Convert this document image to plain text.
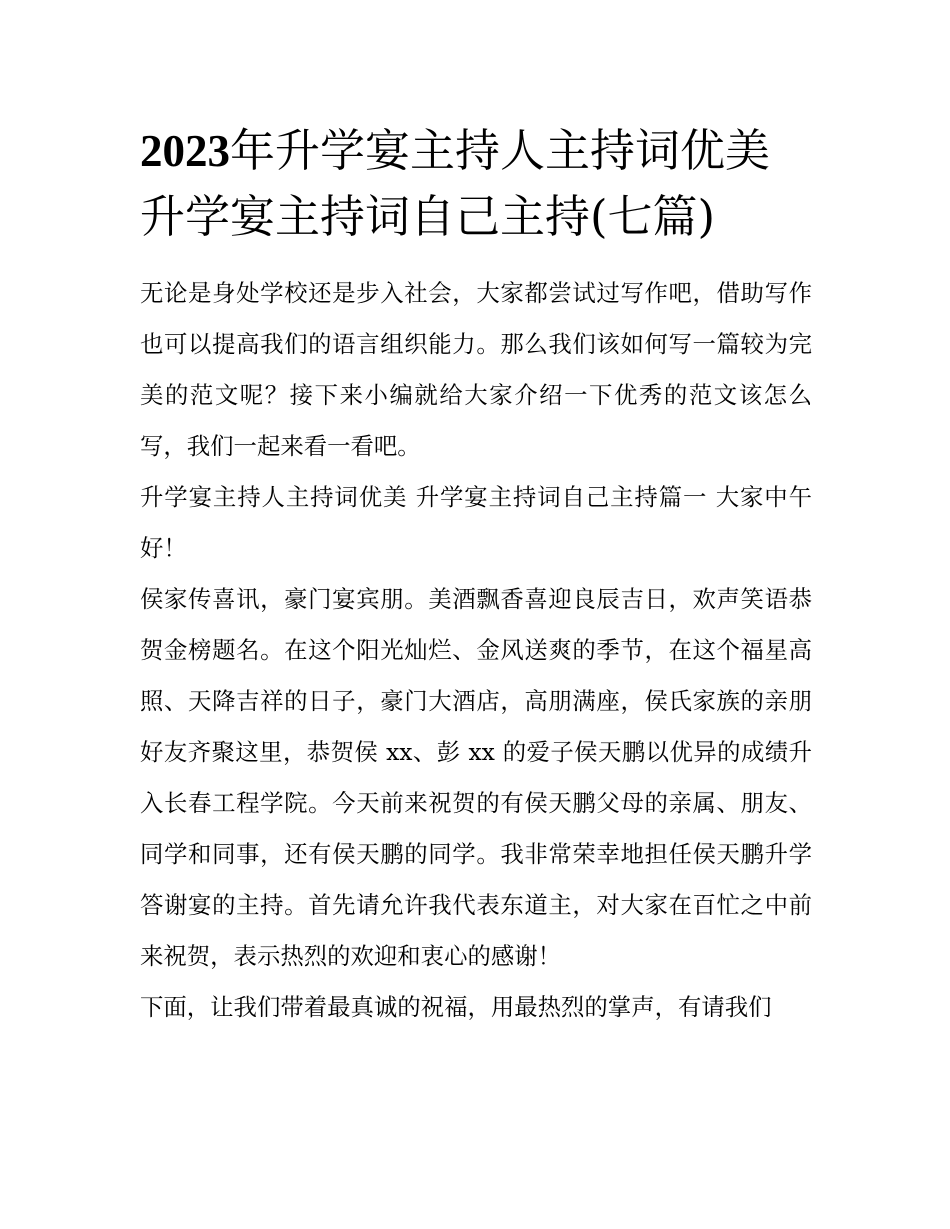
2023年升学宴主持人主持词优美 升学宴主持词自己主持(七篇)

无论是身处学校还是步入社会，大家都尝试过写作吧，借助写作也可以提高我们的语言组织能力。那么我们该如何写一篇较为完美的范文呢？接下来小编就给大家介绍一下优秀的范文该怎么写，我们一起来看一看吧。

升学宴主持人主持词优美 升学宴主持词自己主持篇一 大家中午好！

侯家传喜讯，豪门宴宾朋。美酒飘香喜迎良辰吉日，欢声笑语恭贺金榜题名。在这个阳光灿烂、金风送爽的季节，在这个福星高照、天降吉祥的日子，豪门大酒店，高朋满座，侯氏家族的亲朋好友齐聚这里，恭贺侯 xx、彭 xx 的爱子侯天鹏以优异的成绩升入长春工程学院。今天前来祝贺的有侯天鹏父母的亲属、朋友、同学和同事，还有侯天鹏的同学。我非常荣幸地担任侯天鹏升学答谢宴的主持。首先请允许我代表东道主，对大家在百忙之中前来祝贺，表示热烈的欢迎和衷心的感谢！

下面，让我们带着最真诚的祝福，用最热烈的掌声，有请我们
